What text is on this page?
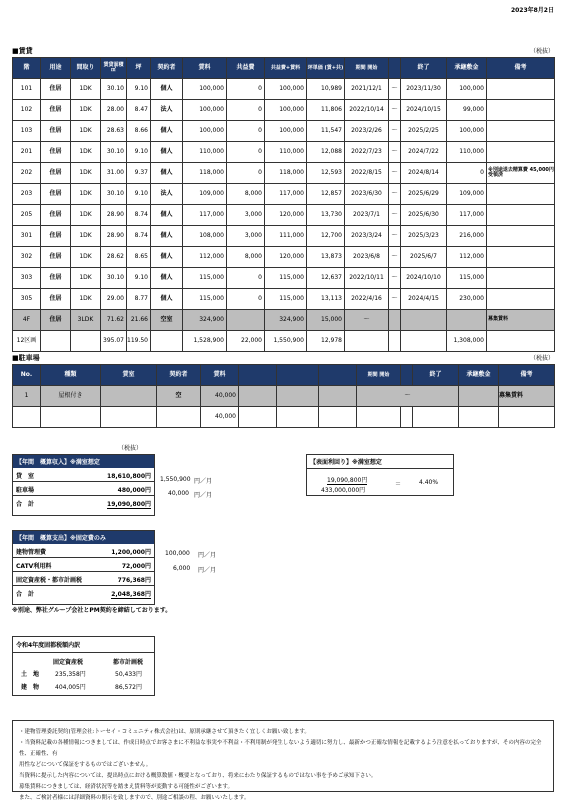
2023年8月2日
■賃貸	（税抜）
階	用途	間取り	賃貸面積 ㎡	坪	契約者	賃料	共益費	共益費+賃料	坪単価 (賃+共)	期間 開始		終了	承継敷金	備考
101	住居	1DK	30.10	9.10	個人	100,000	0	100,000	10,989	2021/12/1	～	2023/11/30	100,000	
102	住居	1DK	28.00	8.47	法人	100,000	0	100,000	11,806	2022/10/14	～	2024/10/15	99,000	
103	住居	1DK	28.63	8.66	個人	100,000	0	100,000	11,547	2023/2/26	～	2025/2/25	100,000	
201	住居	1DK	30.10	9.10	個人	110,000	0	110,000	12,088	2022/7/23	～	2024/7/22	110,000	
202	住居	1DK	31.00	9.37	個人	118,000	0	118,000	12,593	2022/8/15	～	2024/8/14	0	※別途退去精算費 45,000円受領済
203	住居	1DK	30.10	9.10	法人	109,000	8,000	117,000	12,857	2023/6/30	～	2025/6/29	109,000	
205	住居	1DK	28.90	8.74	個人	117,000	3,000	120,000	13,730	2023/7/1	～	2025/6/30	117,000	
301	住居	1DK	28.90	8.74	個人	108,000	3,000	111,000	12,700	2023/3/24	～	2025/3/23	216,000	
302	住居	1DK	28.62	8.65	個人	112,000	8,000	120,000	13,873	2023/6/8	～	2025/6/7	112,000	
303	住居	1DK	30.10	9.10	個人	115,000	0	115,000	12,637	2022/10/11	～	2024/10/10	115,000	
305	住居	1DK	29.00	8.77	個人	115,000	0	115,000	13,113	2022/4/16	～	2024/4/15	230,000	
4F	住居	3LDK	71.62	21.66	空室	324,900		324,900	15,000	～				募集賃料
12区画			395.07	119.50		1,528,900	22,000	1,550,900	12,978				1,308,000	
■駐車場	（税抜）
No.	種類	賃室	契約者	賃料				期間 開始		終了	承継敷金	備考
1	屋根付き		空	40,000				～				募集賃料
				40,000								
（税抜）
【年間　概算収入】※満室想定
貸　室	18,610,800円
駐車場	480,000円
合　計	19,090,800円
1,550,900 円／月
40,000 円／月
【表面利回り】※満室想定
19,090,800円
433,000,000円
＝	4.40%
【年間　概算支出】※固定費のみ
建物管理費	1,200,000円
CATV利用料	72,000円
固定資産税・都市計画税	776,368円
合　計	2,048,368円
100,000 円／月
6,000 円／月
※別途、弊社グループ会社とPM契約を締結しております。
令和4年度固都税額内訳
固定資産税	都市計画税
土　地	235,358円	50,433円
建　物	404,005円	86,572円
・建物管理委託契約(管理会社:トーセイ・コミュニティ株式会社)は、原則承継させて頂きたく宜しくお願い致します。
・当資料記載の各種情報につきましては、作成日時点でお客さまに不利益な事実や不利益・不利用制が発生しないよう適切に努力し、最新かつ正確な情報を記載するよう注意を払っておりますが、その内容の完全性、正確性、有
用性などについて保証をするものではございません。
当資料に提示した内容については、提出時点における概算数値・概要となっており、将来にわたり保証するものではない事を予めご承知下さい。
募集賃料につきましては、経済状況等を踏まえ賃料等が変動する可能性がございます。
また、ご検討者様には詳細資料の開示を致しますので、別途ご相談の程、お願いいたします。
